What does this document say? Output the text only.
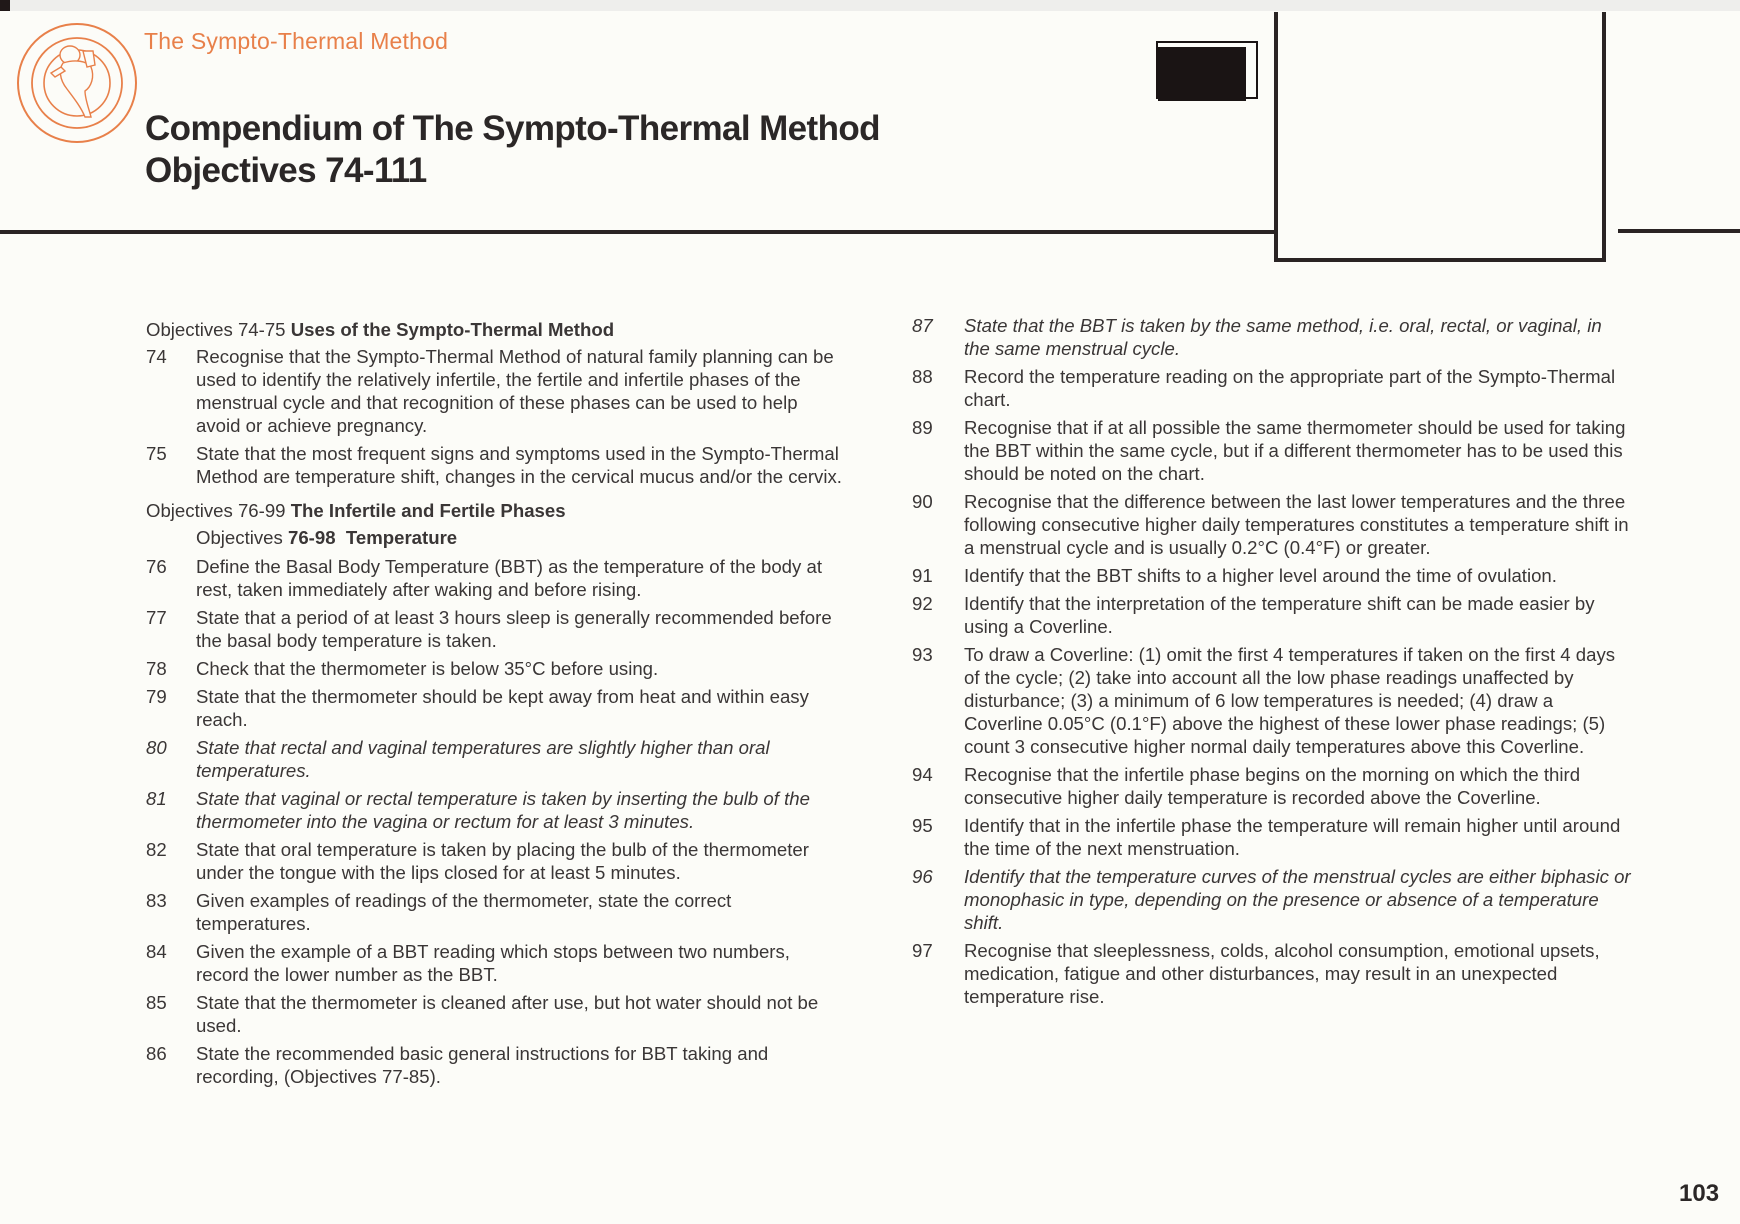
The Sympto-Thermal Method
Compendium of The Sympto-Thermal Method
Objectives 74-111
Objectives 74-75 Uses of the Sympto-Thermal Method
74	Recognise that the Sympto-Thermal Method of natural family planning can be used to identify the relatively infertile, the fertile and infertile phases of the menstrual cycle and that recognition of these phases can be used to help avoid or achieve pregnancy.
75	State that the most frequent signs and symptoms used in the Sympto-Thermal Method are temperature shift, changes in the cervical mucus and/or the cervix.
Objectives 76-99 The Infertile and Fertile Phases
Objectives 76-98 Temperature
76	Define the Basal Body Temperature (BBT) as the temperature of the body at rest, taken immediately after waking and before rising.
77	State that a period of at least 3 hours sleep is generally recommended before the basal body temperature is taken.
78	Check that the thermometer is below 35°C before using.
79	State that the thermometer should be kept away from heat and within easy reach.
80	State that rectal and vaginal temperatures are slightly higher than oral temperatures.
81	State that vaginal or rectal temperature is taken by inserting the bulb of the thermometer into the vagina or rectum for at least 3 minutes.
82	State that oral temperature is taken by placing the bulb of the thermometer under the tongue with the lips closed for at least 5 minutes.
83	Given examples of readings of the thermometer, state the correct temperatures.
84	Given the example of a BBT reading which stops between two numbers, record the lower number as the BBT.
85	State that the thermometer is cleaned after use, but hot water should not be used.
86	State the recommended basic general instructions for BBT taking and recording, (Objectives 77-85).
87	State that the BBT is taken by the same method, i.e. oral, rectal, or vaginal, in the same menstrual cycle.
88	Record the temperature reading on the appropriate part of the Sympto-Thermal chart.
89	Recognise that if at all possible the same thermometer should be used for taking the BBT within the same cycle, but if a different thermometer has to be used this should be noted on the chart.
90	Recognise that the difference between the last lower temperatures and the three following consecutive higher daily temperatures constitutes a temperature shift in a menstrual cycle and is usually 0.2°C (0.4°F) or greater.
91	Identify that the BBT shifts to a higher level around the time of ovulation.
92	Identify that the interpretation of the temperature shift can be made easier by using a Coverline.
93	To draw a Coverline: (1) omit the first 4 temperatures if taken on the first 4 days of the cycle; (2) take into account all the low phase readings unaffected by disturbance; (3) a minimum of 6 low temperatures is needed; (4) draw a Coverline 0.05°C (0.1°F) above the highest of these lower phase readings; (5) count 3 consecutive higher normal daily temperatures above this Coverline.
94	Recognise that the infertile phase begins on the morning on which the third consecutive higher daily temperature is recorded above the Coverline.
95	Identify that in the infertile phase the temperature will remain higher until around the time of the next menstruation.
96	Identify that the temperature curves of the menstrual cycles are either biphasic or monophasic in type, depending on the presence or absence of a temperature shift.
97	Recognise that sleeplessness, colds, alcohol consumption, emotional upsets, medication, fatigue and other disturbances, may result in an unexpected temperature rise.
103
